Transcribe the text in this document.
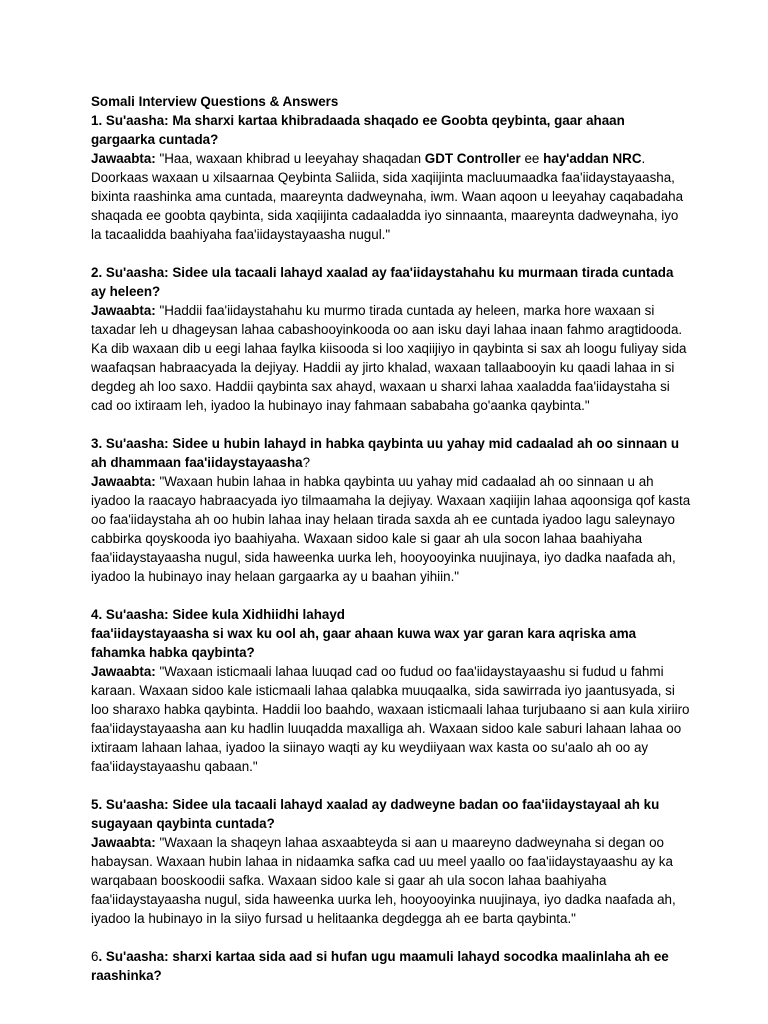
Somali Interview Questions & Answers

1. Su'aasha: Ma sharxi kartaa khibradaada shaqado ee Goobta qeybinta, gaar ahaan gargaarka cuntada?

Jawaabta: "Haa, waxaan khibrad u leeyahay shaqadan GDT Controller ee hay'addan NRC. Doorkaas waxaan u xilsaarnaa Qeybinta Saliida, sida xaqiijinta macluumaadka faa'iidaystayaasha, bixinta raashinka ama cuntada, maareynta dadweynaha, iwm. Waan aqoon u leeyahay caqabadaha shaqada ee goobta qaybinta, sida xaqiijinta cadaaladda iyo sinnaanta, maareynta dadweynaha, iyo la tacaalidda baahiyaha faa'iidaystayaasha nugul."

2. Su'aasha: Sidee ula tacaali lahayd xaalad ay faa'iidaystahahu ku murmaan tirada cuntada ay heleen?

Jawaabta: "Haddii faa'iidaystahahu ku murmo tirada cuntada ay heleen, marka hore waxaan si taxadar leh u dhageysan lahaa cabashooyinkooda oo aan isku dayi lahaa inaan fahmo aragtidooda. Ka dib waxaan dib u eegi lahaa faylka kiisooda si loo xaqiijiyo in qaybinta si sax ah loogu fuliyay sida waafaqsan habraacyada la dejiyay. Haddii ay jirto khalad, waxaan tallaabooyin ku qaadi lahaa in si degdeg ah loo saxo. Haddii qaybinta sax ahayd, waxaan u sharxi lahaa xaaladda faa'iidaystaha si cad oo ixtiraam leh, iyadoo la hubinayo inay fahmaan sababaha go'aanka qaybinta."

3. Su'aasha: Sidee u hubin lahayd in habka qaybinta uu yahay mid cadaalad ah oo sinnaan u ah dhammaan faa'iidaystayaasha?

Jawaabta: "Waxaan hubin lahaa in habka qaybinta uu yahay mid cadaalad ah oo sinnaan u ah iyadoo la raacayo habraacyada iyo tilmaamaha la dejiyay. Waxaan xaqiijin lahaa aqoonsiga qof kasta oo faa'iidaystaha ah oo hubin lahaa inay helaan tirada saxda ah ee cuntada iyadoo lagu saleynayo cabbirka qoyskooda iyo baahiyaha. Waxaan sidoo kale si gaar ah ula socon lahaa baahiyaha faa'iidaystayaasha nugul, sida haweenka uurka leh, hooyooyinka nuujinaya, iyo dadka naafada ah, iyadoo la hubinayo inay helaan gargaarka ay u baahan yihiin."

4. Su'aasha: Sidee kula Xidhiidhi lahayd

faa'iidaystayaasha si wax ku ool ah, gaar ahaan kuwa wax yar garan kara aqriska ama fahamka habka qaybinta?

Jawaabta: "Waxaan isticmaali lahaa luuqad cad oo fudud oo faa'iidaystayaashu si fudud u fahmi karaan. Waxaan sidoo kale isticmaali lahaa qalabka muuqaalka, sida sawirrada iyo jaantusyada, si loo sharaxo habka qaybinta. Haddii loo baahdo, waxaan isticmaali lahaa turjubaano si aan kula xiriiro faa'iidaystayaasha aan ku hadlin luuqadda maxalliga ah. Waxaan sidoo kale saburi lahaan lahaa oo ixtiraam lahaan lahaa, iyadoo la siinayo waqti ay ku weydiiyaan wax kasta oo su'aalo ah oo ay faa'iidaystayaashu qabaan."

5. Su'aasha: Sidee ula tacaali lahayd xaalad ay dadweyne badan oo faa'iidaystayaal ah ku sugayaan qaybinta cuntada?

Jawaabta: "Waxaan la shaqeyn lahaa asxaabteyda si aan u maareyno dadweynaha si degan oo habaysan. Waxaan hubin lahaa in nidaamka safka cad uu meel yaallo oo faa'iidaystayaashu ay ka warqabaan booskoodii safka. Waxaan sidoo kale si gaar ah ula socon lahaa baahiyaha faa'iidaystayaasha nugul, sida haweenka uurka leh, hooyooyinka nuujinaya, iyo dadka naafada ah, iyadoo la hubinayo in la siiyo fursad u helitaanka degdegga ah ee barta qaybinta."

6. Su'aasha: sharxi kartaa sida aad si hufan ugu maamuli lahayd socodka maalinlaha ah ee raashinka?
